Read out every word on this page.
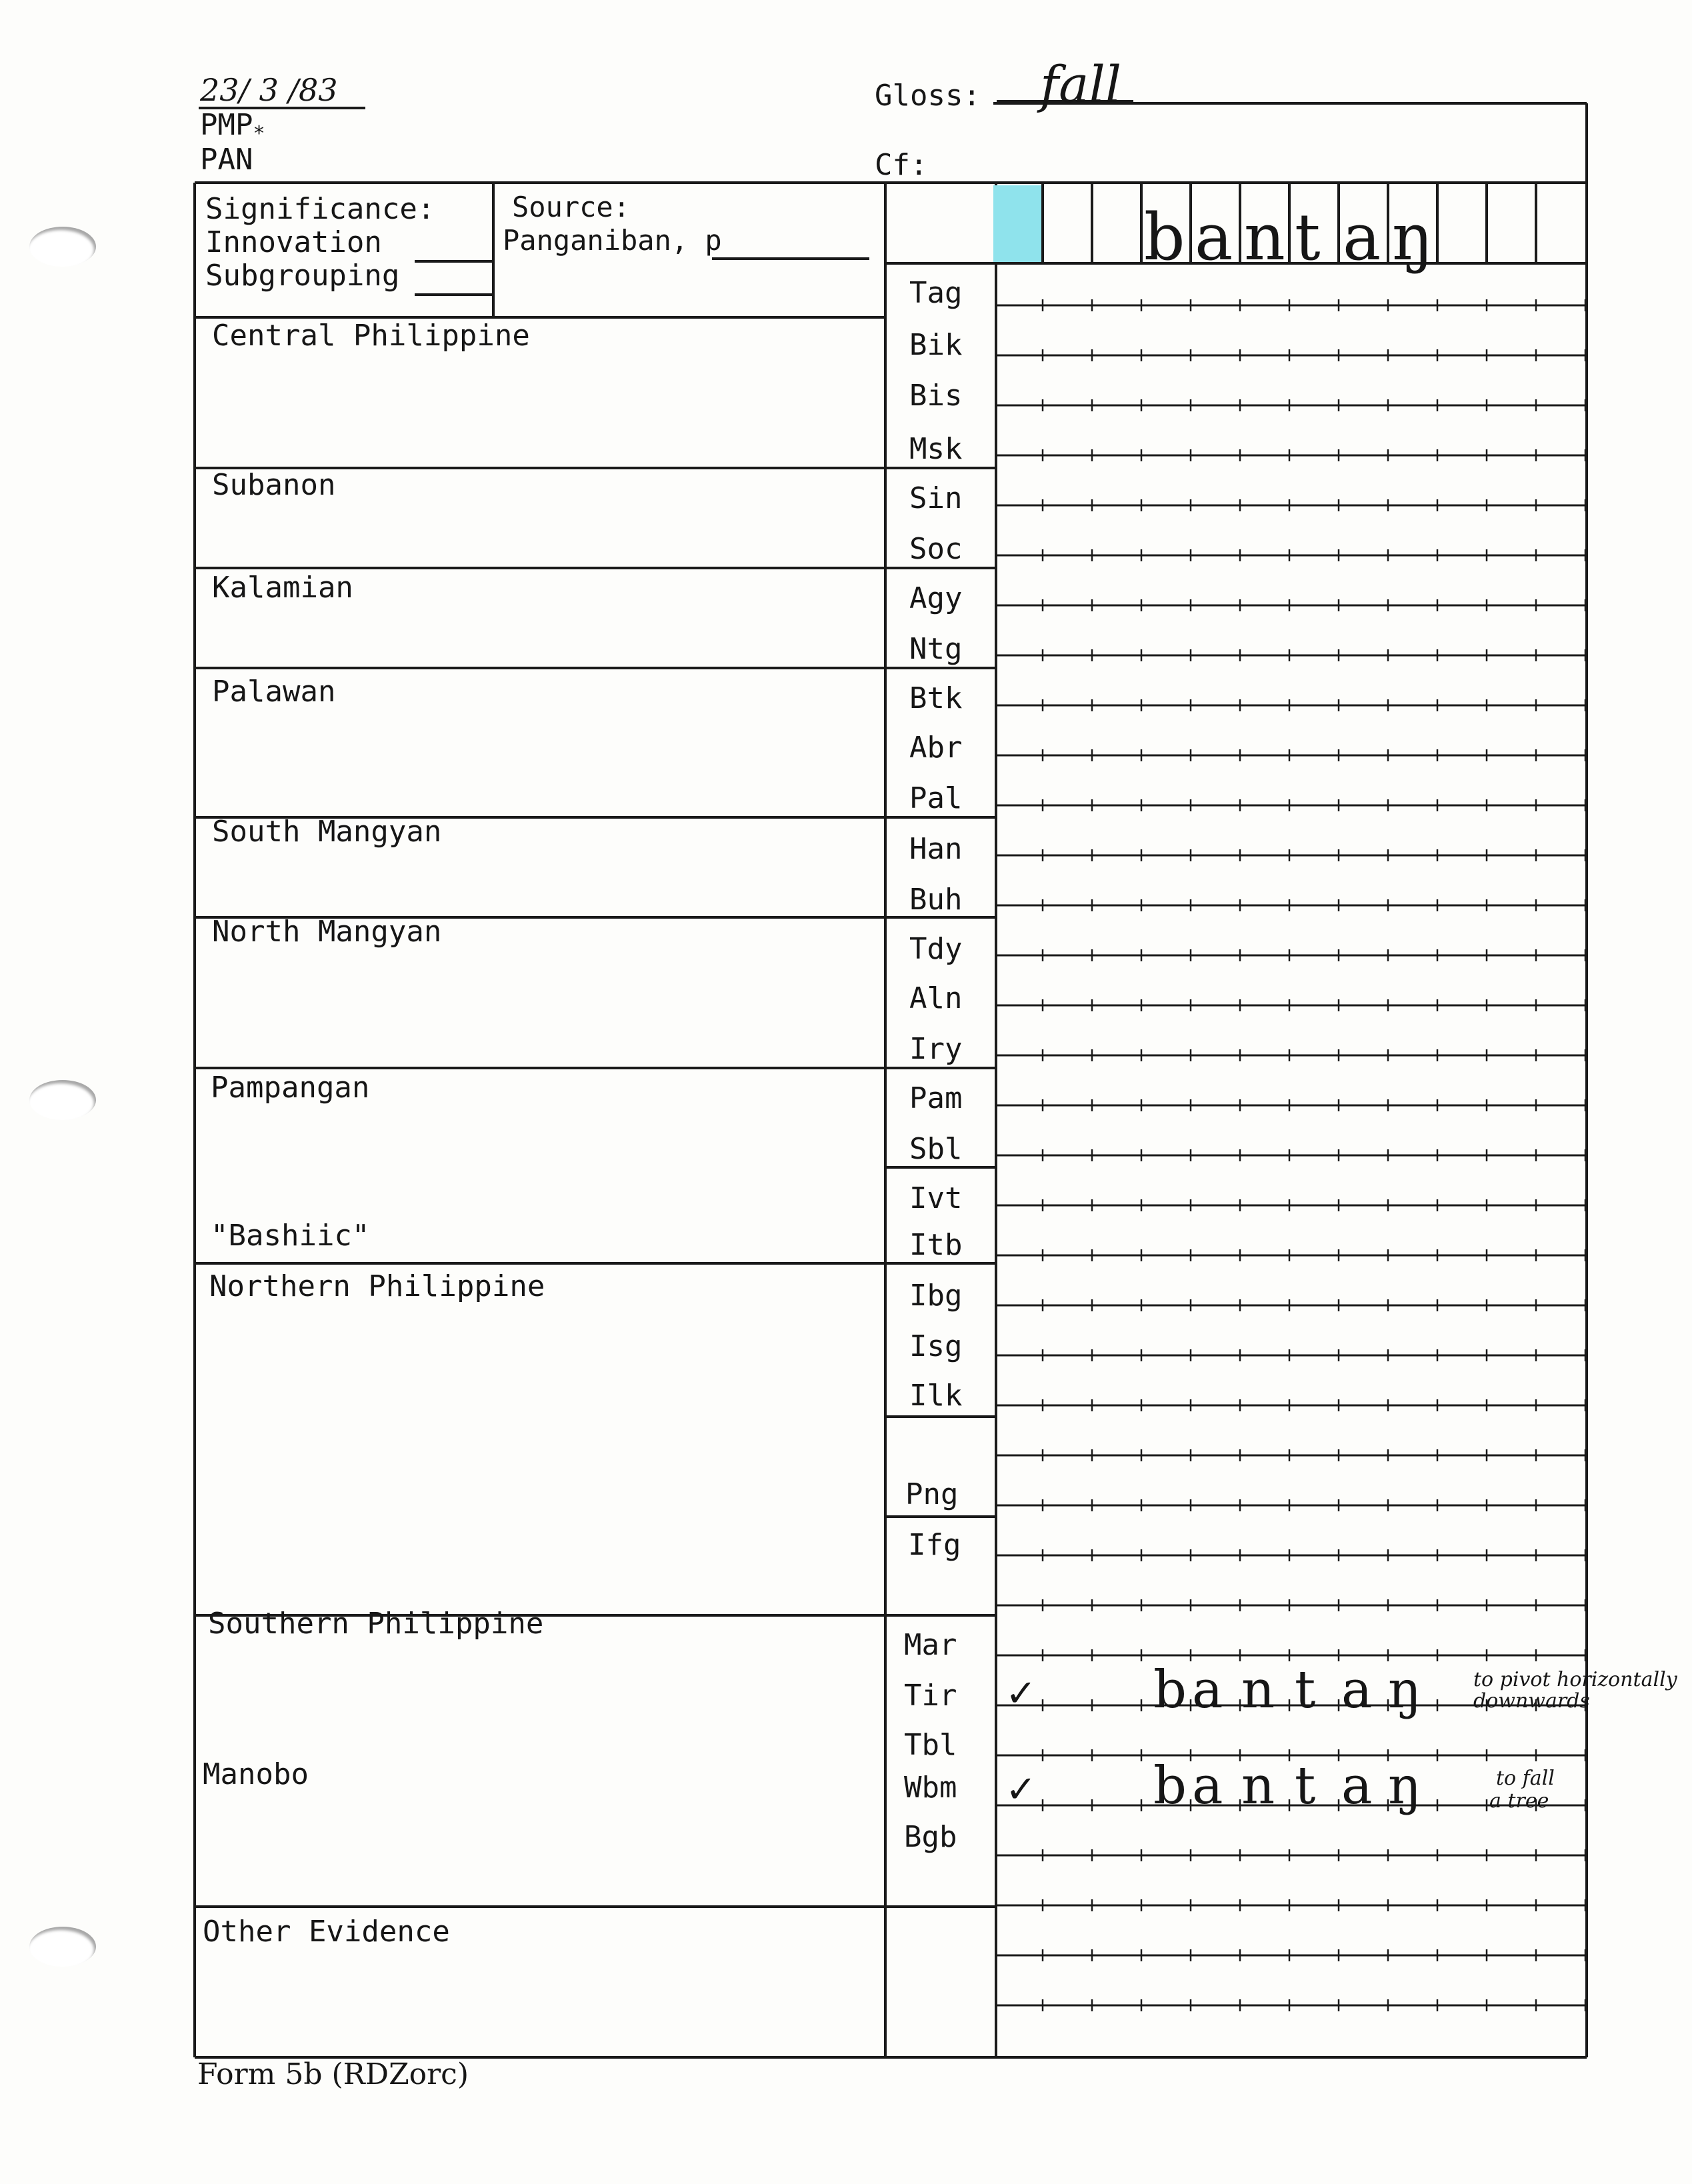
23/ 3 /83
PMP*
PAN
Gloss: fall
Cf:
Significance:
Innovation
Subgrouping
Source:
Panganiban, p	b a n t a ŋ
Central Philippine
Subanon
Kalamian
Palawan
South Mangyan
North Mangyan
Pampangan
"Bashiic"
Northern Philippine
Southern Philippine
Manobo
Other Evidence
Tag
Bik
Bis
Msk
Sin
Soc
Agy
Ntg
Btk
Abr
Pal
Han
Buh
Tdy
Aln
Iry
Pam
Sbl
Ivt
Itb
Ibg
Isg
Ilk
Png
Ifg
Mar
Tir
Tbl
Wbm
Bgb
✓ b a n t a ŋ	to pivot horizontally
downwards
✓ b a n t a ŋ	to fall
a tree
Form 5b (RDZorc)
